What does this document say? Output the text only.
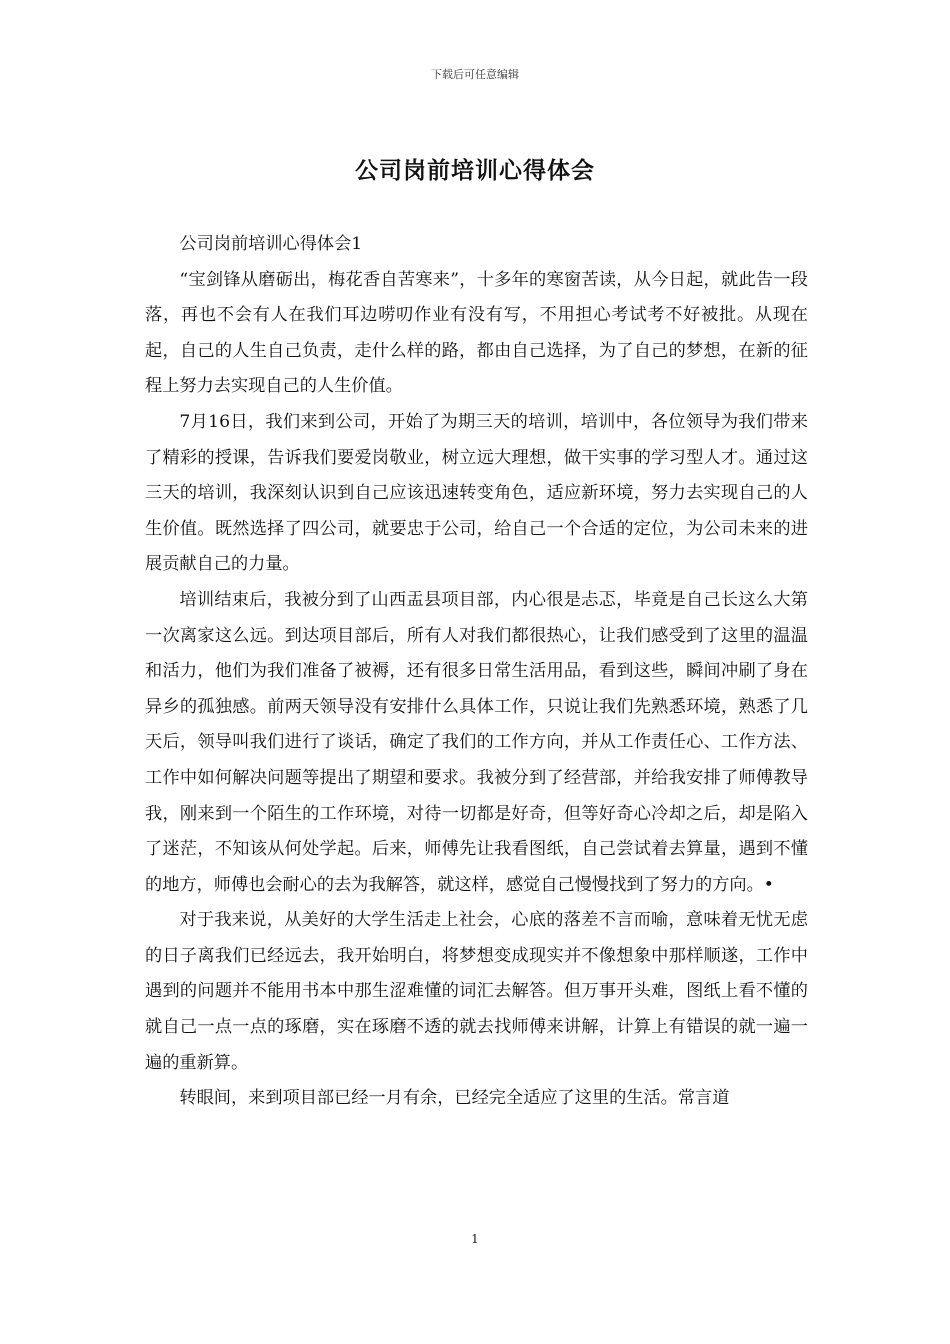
下载后可任意编辑
公司岗前培训心得体会

公司岗前培训心得体会1

“宝剑锋从磨砺出，梅花香自苦寒来”，十多年的寒窗苦读，从今日起，就此告一段落，再也不会有人在我们耳边唠叨作业有没有写，不用担心考试考不好被批。从现在起，自己的人生自己负责，走什么样的路，都由自己选择，为了自己的梦想，在新的征程上努力去实现自己的人生价值。

7月16日，我们来到公司，开始了为期三天的培训，培训中，各位领导为我们带来了精彩的授课，告诉我们要爱岗敬业，树立远大理想，做干实事的学习型人才。通过这三天的培训，我深刻认识到自己应该迅速转变角色，适应新环境，努力去实现自己的人生价值。既然选择了四公司，就要忠于公司，给自己一个合适的定位，为公司未来的进展贡献自己的力量。

培训结束后，我被分到了山西盂县项目部，内心很是忐忑，毕竟是自己长这么大第一次离家这么远。到达项目部后，所有人对我们都很热心，让我们感受到了这里的温温和活力，他们为我们准备了被褥，还有很多日常生活用品，看到这些，瞬间冲刷了身在异乡的孤独感。前两天领导没有安排什么具体工作，只说让我们先熟悉环境，熟悉了几天后，领导叫我们进行了谈话，确定了我们的工作方向，并从工作责任心、工作方法、工作中如何解决问题等提出了期望和要求。我被分到了经营部，并给我安排了师傅教导我，刚来到一个陌生的工作环境，对待一切都是好奇，但等好奇心冷却之后，却是陷入了迷茫，不知该从何处学起。后来，师傅先让我看图纸，自己尝试着去算量，遇到不懂的地方，师傅也会耐心的去为我解答，就这样，感觉自己慢慢找到了努力的方向。•

对于我来说，从美好的大学生活走上社会，心底的落差不言而喻，意味着无忧无虑的日子离我们已经远去，我开始明白，将梦想变成现实并不像想象中那样顺遂，工作中遇到的问题并不能用书本中那生涩难懂的词汇去解答。但万事开头难，图纸上看不懂的就自己一点一点的琢磨，实在琢磨不透的就去找师傅来讲解，计算上有错误的就一遍一遍的重新算。

转眼间，来到项目部已经一月有余，已经完全适应了这里的生活。常言道

1
